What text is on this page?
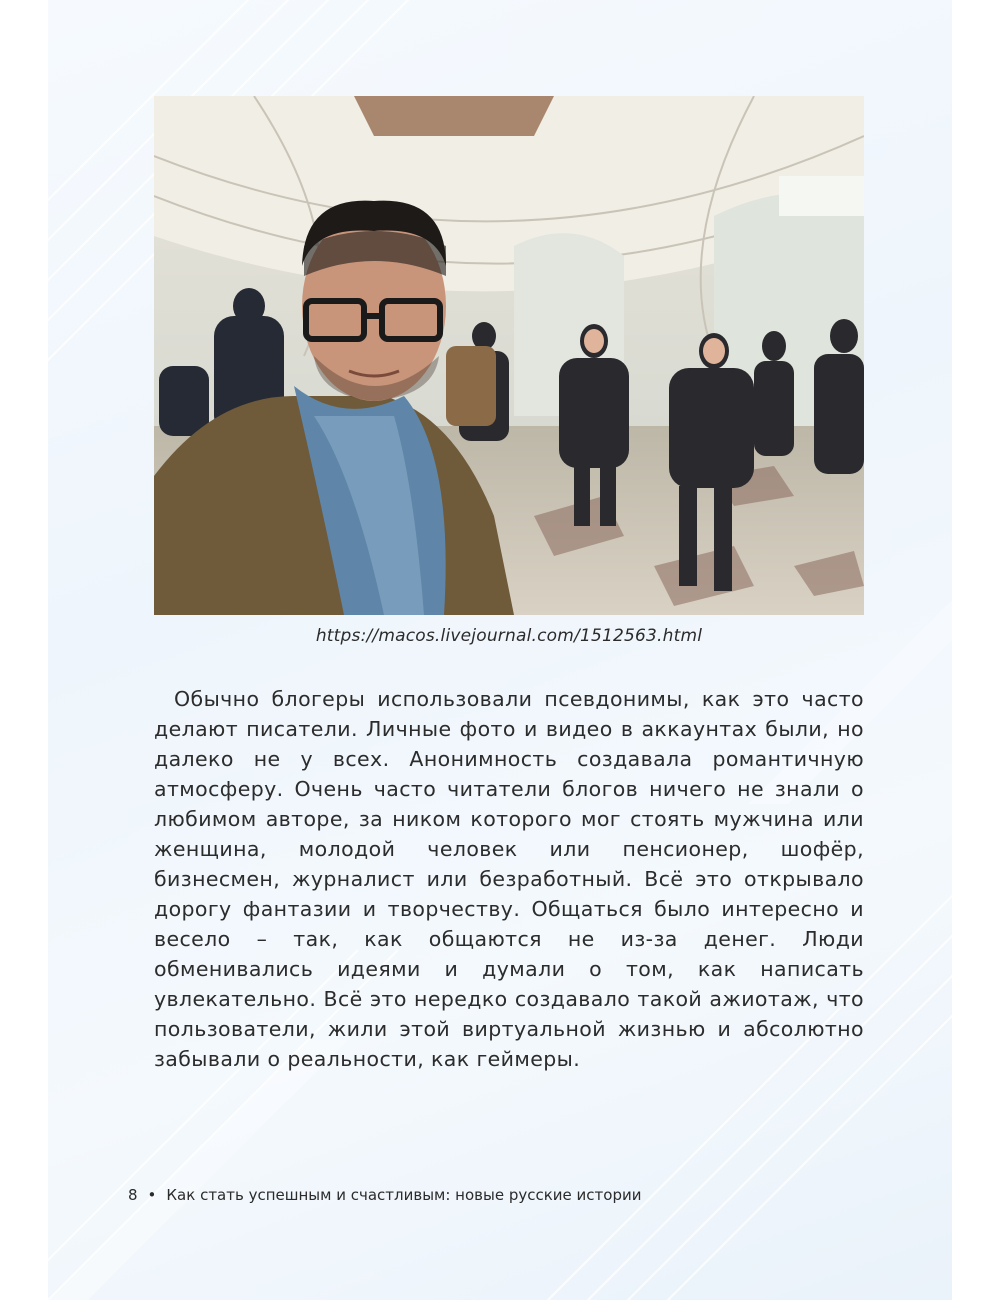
https://macos.livejournal.com/1512563.html

Обычно блогеры использовали псевдонимы, как это часто делают писатели. Личные фото и видео в аккаунтах были, но далеко не у всех. Анонимность создавала романтичную атмосферу. Очень часто читатели блогов ничего не знали о любимом авторе, за ником которого мог стоять мужчина или женщина, молодой человек или пенсионер, шофёр, бизнесмен, журналист или безработный. Всё это открывало дорогу фантазии и творчеству. Общаться было интересно и весело – так, как общаются не из-за денег. Люди обменивались идеями и думали о том, как написать увлекательно. Всё это нередко создавало такой ажиотаж, что пользователи, жили этой виртуальной жизнью и абсолютно забывали о реальности, как геймеры.

8 • Как стать успешным и счастливым: новые русские истории
